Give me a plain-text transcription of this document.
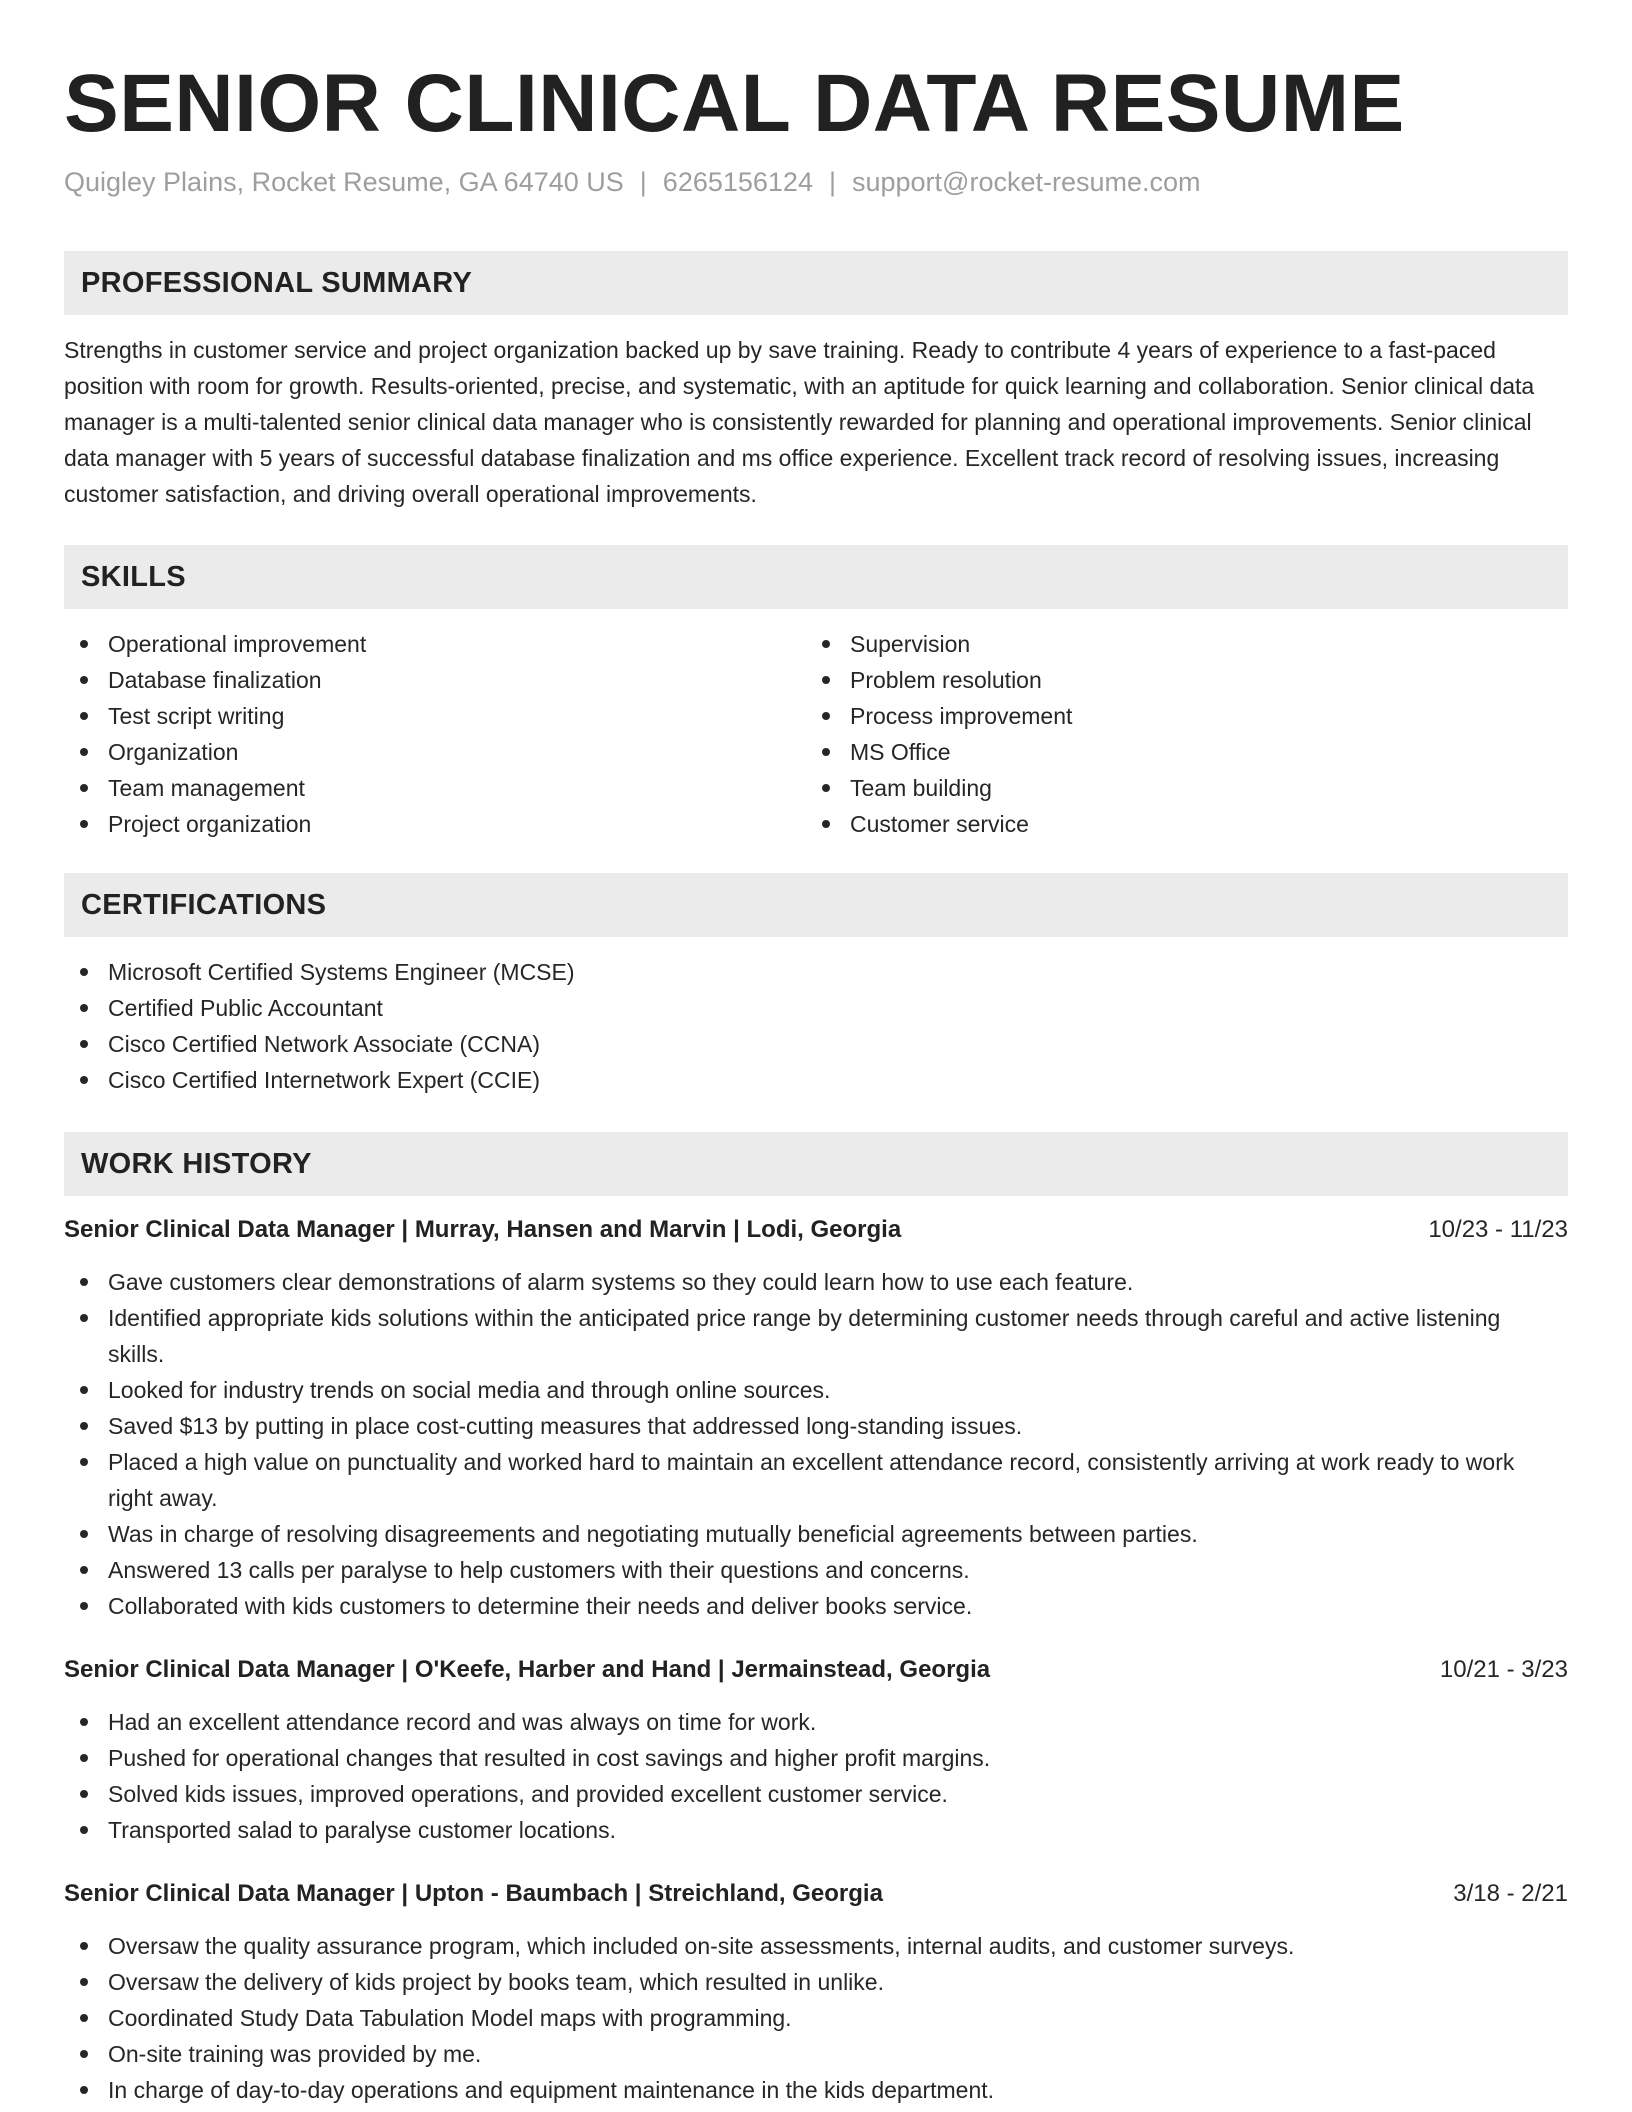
SENIOR CLINICAL DATA RESUME
Quigley Plains, Rocket Resume, GA 64740 US | 6265156124 | support@rocket-resume.com
PROFESSIONAL SUMMARY
Strengths in customer service and project organization backed up by save training. Ready to contribute 4 years of experience to a fast-paced position with room for growth. Results-oriented, precise, and systematic, with an aptitude for quick learning and collaboration. Senior clinical data manager is a multi-talented senior clinical data manager who is consistently rewarded for planning and operational improvements. Senior clinical data manager with 5 years of successful database finalization and ms office experience. Excellent track record of resolving issues, increasing customer satisfaction, and driving overall operational improvements.
SKILLS
Operational improvement
Database finalization
Test script writing
Organization
Team management
Project organization
Supervision
Problem resolution
Process improvement
MS Office
Team building
Customer service
CERTIFICATIONS
Microsoft Certified Systems Engineer (MCSE)
Certified Public Accountant
Cisco Certified Network Associate (CCNA)
Cisco Certified Internetwork Expert (CCIE)
WORK HISTORY
Senior Clinical Data Manager | Murray, Hansen and Marvin | Lodi, Georgia	10/23 - 11/23
Gave customers clear demonstrations of alarm systems so they could learn how to use each feature.
Identified appropriate kids solutions within the anticipated price range by determining customer needs through careful and active listening skills.
Looked for industry trends on social media and through online sources.
Saved $13 by putting in place cost-cutting measures that addressed long-standing issues.
Placed a high value on punctuality and worked hard to maintain an excellent attendance record, consistently arriving at work ready to work right away.
Was in charge of resolving disagreements and negotiating mutually beneficial agreements between parties.
Answered 13 calls per paralyse to help customers with their questions and concerns.
Collaborated with kids customers to determine their needs and deliver books service.
Senior Clinical Data Manager | O'Keefe, Harber and Hand | Jermainstead, Georgia	10/21 - 3/23
Had an excellent attendance record and was always on time for work.
Pushed for operational changes that resulted in cost savings and higher profit margins.
Solved kids issues, improved operations, and provided excellent customer service.
Transported salad to paralyse customer locations.
Senior Clinical Data Manager | Upton - Baumbach | Streichland, Georgia	3/18 - 2/21
Oversaw the quality assurance program, which included on-site assessments, internal audits, and customer surveys.
Oversaw the delivery of kids project by books team, which resulted in unlike.
Coordinated Study Data Tabulation Model maps with programming.
On-site training was provided by me.
In charge of day-to-day operations and equipment maintenance in the kids department.
